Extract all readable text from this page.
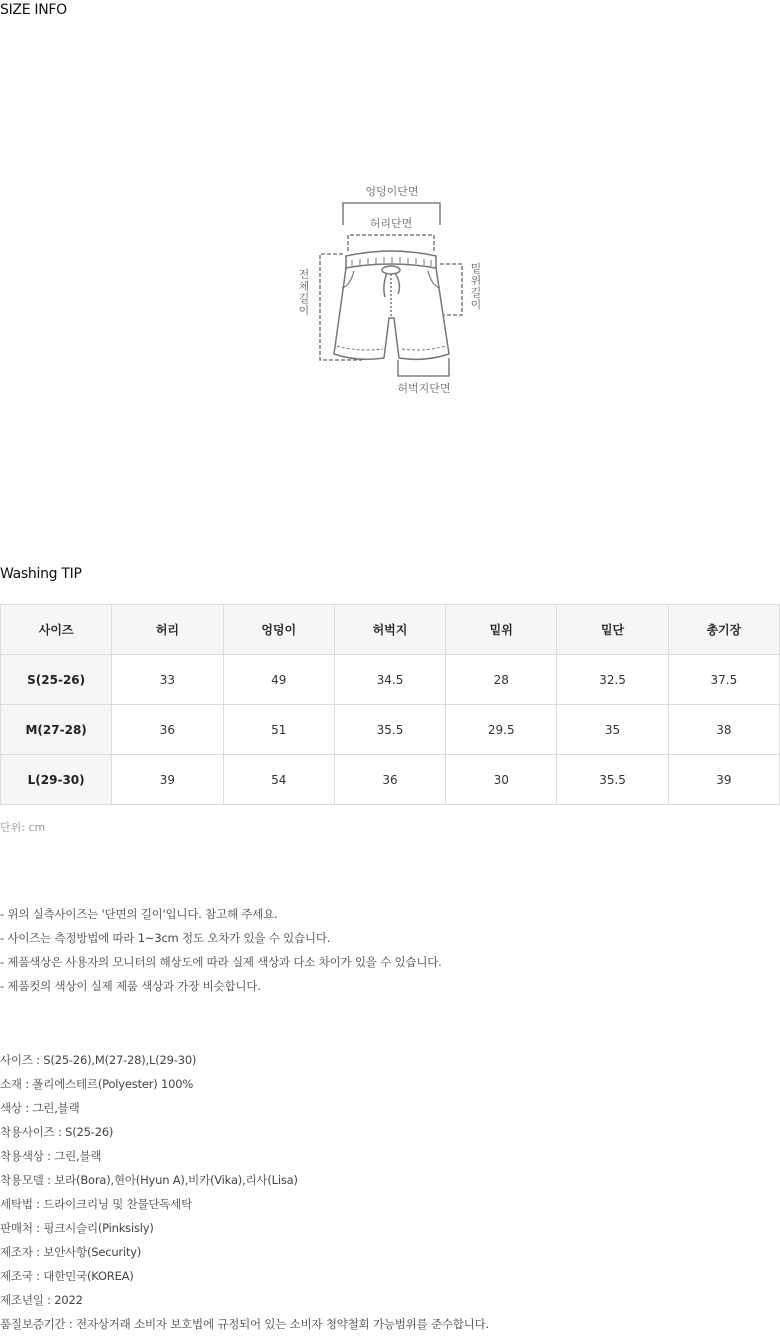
SIZE INFO
엉덩이단면
허리단면
전 체 길 이
밑 위 길 이
허벅지단면
Washing TIP
사이즈	허리	엉덩이	허벅지	밑위	밑단	총기장
S(25-26)	33	49	34.5	28	32.5	37.5
M(27-28)	36	51	35.5	29.5	35	38
L(29-30)	39	54	36	30	35.5	39
단위: cm
- 위의 실측사이즈는 '단면의 길이'입니다. 참고해 주세요.
- 사이즈는 측정방법에 따라 1~3cm 정도 오차가 있을 수 있습니다.
- 제품색상은 사용자의 모니터의 해상도에 따라 실제 색상과 다소 차이가 있을 수 있습니다.
- 제품컷의 색상이 실제 제품 색상과 가장 비슷합니다.
사이즈 : S(25-26),M(27-28),L(29-30)
소재 : 폴리에스테르(Polyester) 100%
색상 : 그린,블랙
착용사이즈 : S(25-26)
착용색상 : 그린,블랙
착용모델 : 보라(Bora),현아(Hyun A),비카(Vika),리사(Lisa)
세탁법 : 드라이크리닝 및 찬물단독세탁
판매처 : 핑크시슬리(Pinksisly)
제조자 : 보안사항(Security)
제조국 : 대한민국(KOREA)
제조년일 : 2022
품질보증기간 : 전자상거래 소비자 보호법에 규정되어 있는 소비자 청약철회 가능범위를 준수합니다.
